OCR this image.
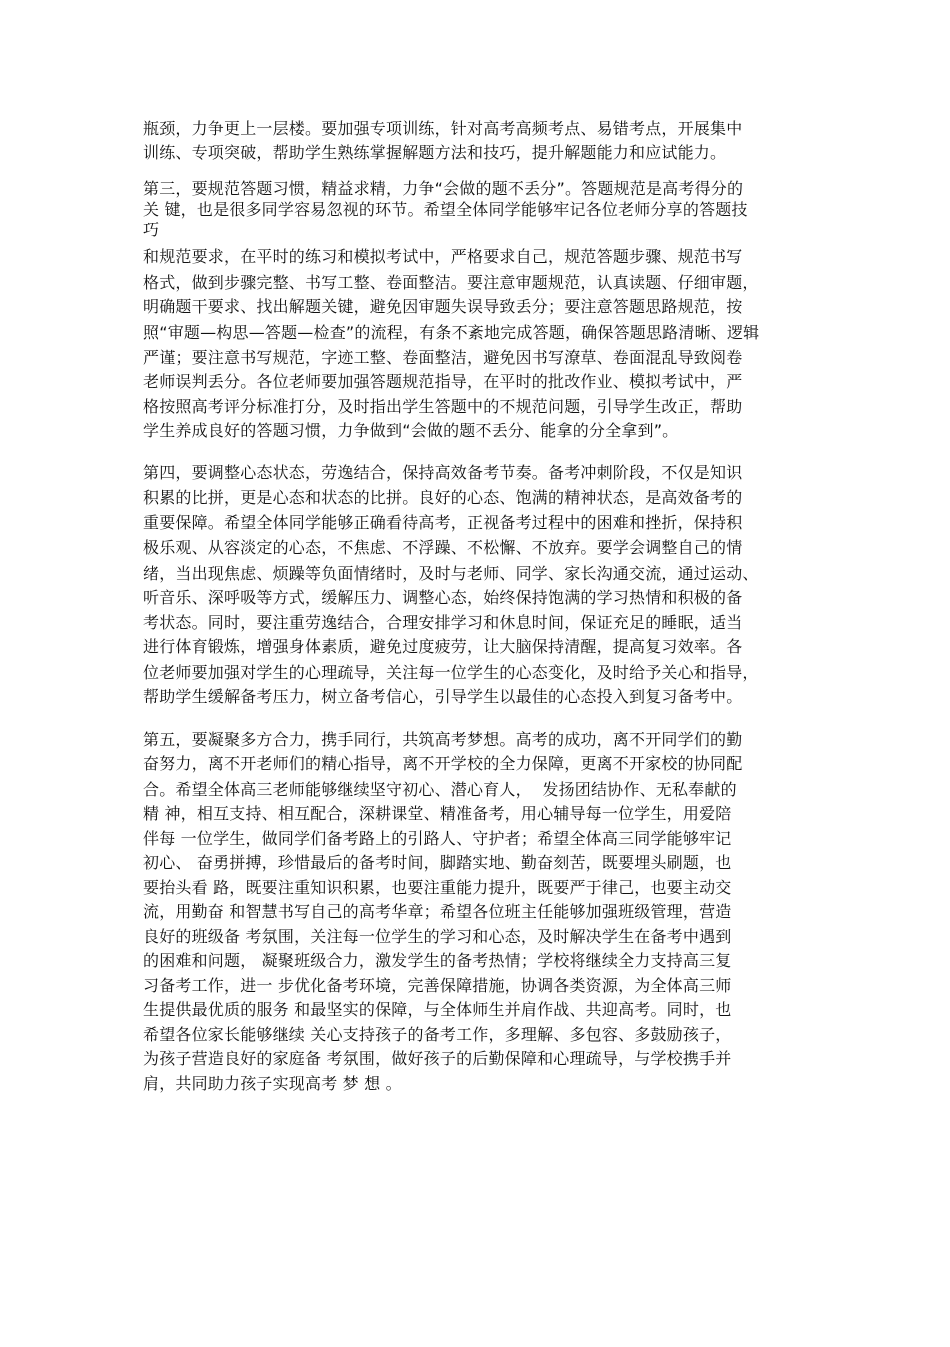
瓶颈，力争更上一层楼。要加强专项训练，针对高考高频考点、易错考点，开展集中
训练、专项突破，帮助学生熟练掌握解题方法和技巧，提升解题能力和应试能力。
第三，要规范答题习惯，精益求精，力争“会做的题不丢分”。答题规范是高考得分的
关 键，也是很多同学容易忽视的环节。希望全体同学能够牢记各位老师分享的答题技
巧
和规范要求，在平时的练习和模拟考试中，严格要求自己，规范答题步骤、规范书写
格式，做到步骤完整、书写工整、卷面整洁。要注意审题规范，认真读题、仔细审题，
明确题干要求、找出解题关键，避免因审题失误导致丢分；要注意答题思路规范，按
照“审题—构思—答题—检查”的流程，有条不紊地完成答题，确保答题思路清晰、逻辑
严谨；要注意书写规范，字迹工整、卷面整洁，避免因书写潦草、卷面混乱导致阅卷
老师误判丢分。各位老师要加强答题规范指导，在平时的批改作业、模拟考试中，严
格按照高考评分标准打分，及时指出学生答题中的不规范问题，引导学生改正，帮助
学生养成良好的答题习惯，力争做到“会做的题不丢分、能拿的分全拿到”。
第四，要调整心态状态，劳逸结合，保持高效备考节奏。备考冲刺阶段，不仅是知识
积累的比拼，更是心态和状态的比拼。良好的心态、饱满的精神状态，是高效备考的
重要保障。希望全体同学能够正确看待高考，正视备考过程中的困难和挫折，保持积
极乐观、从容淡定的心态，不焦虑、不浮躁、不松懈、不放弃。要学会调整自己的情
绪，当出现焦虑、烦躁等负面情绪时，及时与老师、同学、家长沟通交流，通过运动、
听音乐、深呼吸等方式，缓解压力、调整心态，始终保持饱满的学习热情和积极的备
考状态。同时，要注重劳逸结合，合理安排学习和休息时间，保证充足的睡眠，适当
进行体育锻炼，增强身体素质，避免过度疲劳，让大脑保持清醒，提高复习效率。各
位老师要加强对学生的心理疏导，关注每一位学生的心态变化，及时给予关心和指导，
帮助学生缓解备考压力，树立备考信心，引导学生以最佳的心态投入到复习备考中。
第五，要凝聚多方合力，携手同行，共筑高考梦想。高考的成功，离不开同学们的勤
奋努力，离不开老师们的精心指导，离不开学校的全力保障，更离不开家校的协同配
合。希望全体高三老师能够继续坚守初心、潜心育人，  发扬团结协作、无私奉献的
精 神，相互支持、相互配合，深耕课堂、精准备考，用心辅导每一位学生，用爱陪
伴每 一位学生，做同学们备考路上的引路人、守护者；希望全体高三同学能够牢记
初心、 奋勇拼搏，珍惜最后的备考时间，脚踏实地、勤奋刻苦，既要埋头刷题，也
要抬头看 路，既要注重知识积累，也要注重能力提升，既要严于律己，也要主动交
流，用勤奋 和智慧书写自己的高考华章；希望各位班主任能够加强班级管理，营造
良好的班级备 考氛围，关注每一位学生的学习和心态，及时解决学生在备考中遇到
的困难和问题， 凝聚班级合力，激发学生的备考热情；学校将继续全力支持高三复
习备考工作，进一 步优化备考环境，完善保障措施，协调各类资源，为全体高三师
生提供最优质的服务 和最坚实的保障，与全体师生并肩作战、共迎高考。同时，也
希望各位家长能够继续 关心支持孩子的备考工作，多理解、多包容、多鼓励孩子，
为孩子营造良好的家庭备 考氛围，做好孩子的后勤保障和心理疏导，与学校携手并
肩，共同助力孩子实现高考 梦 想 。
